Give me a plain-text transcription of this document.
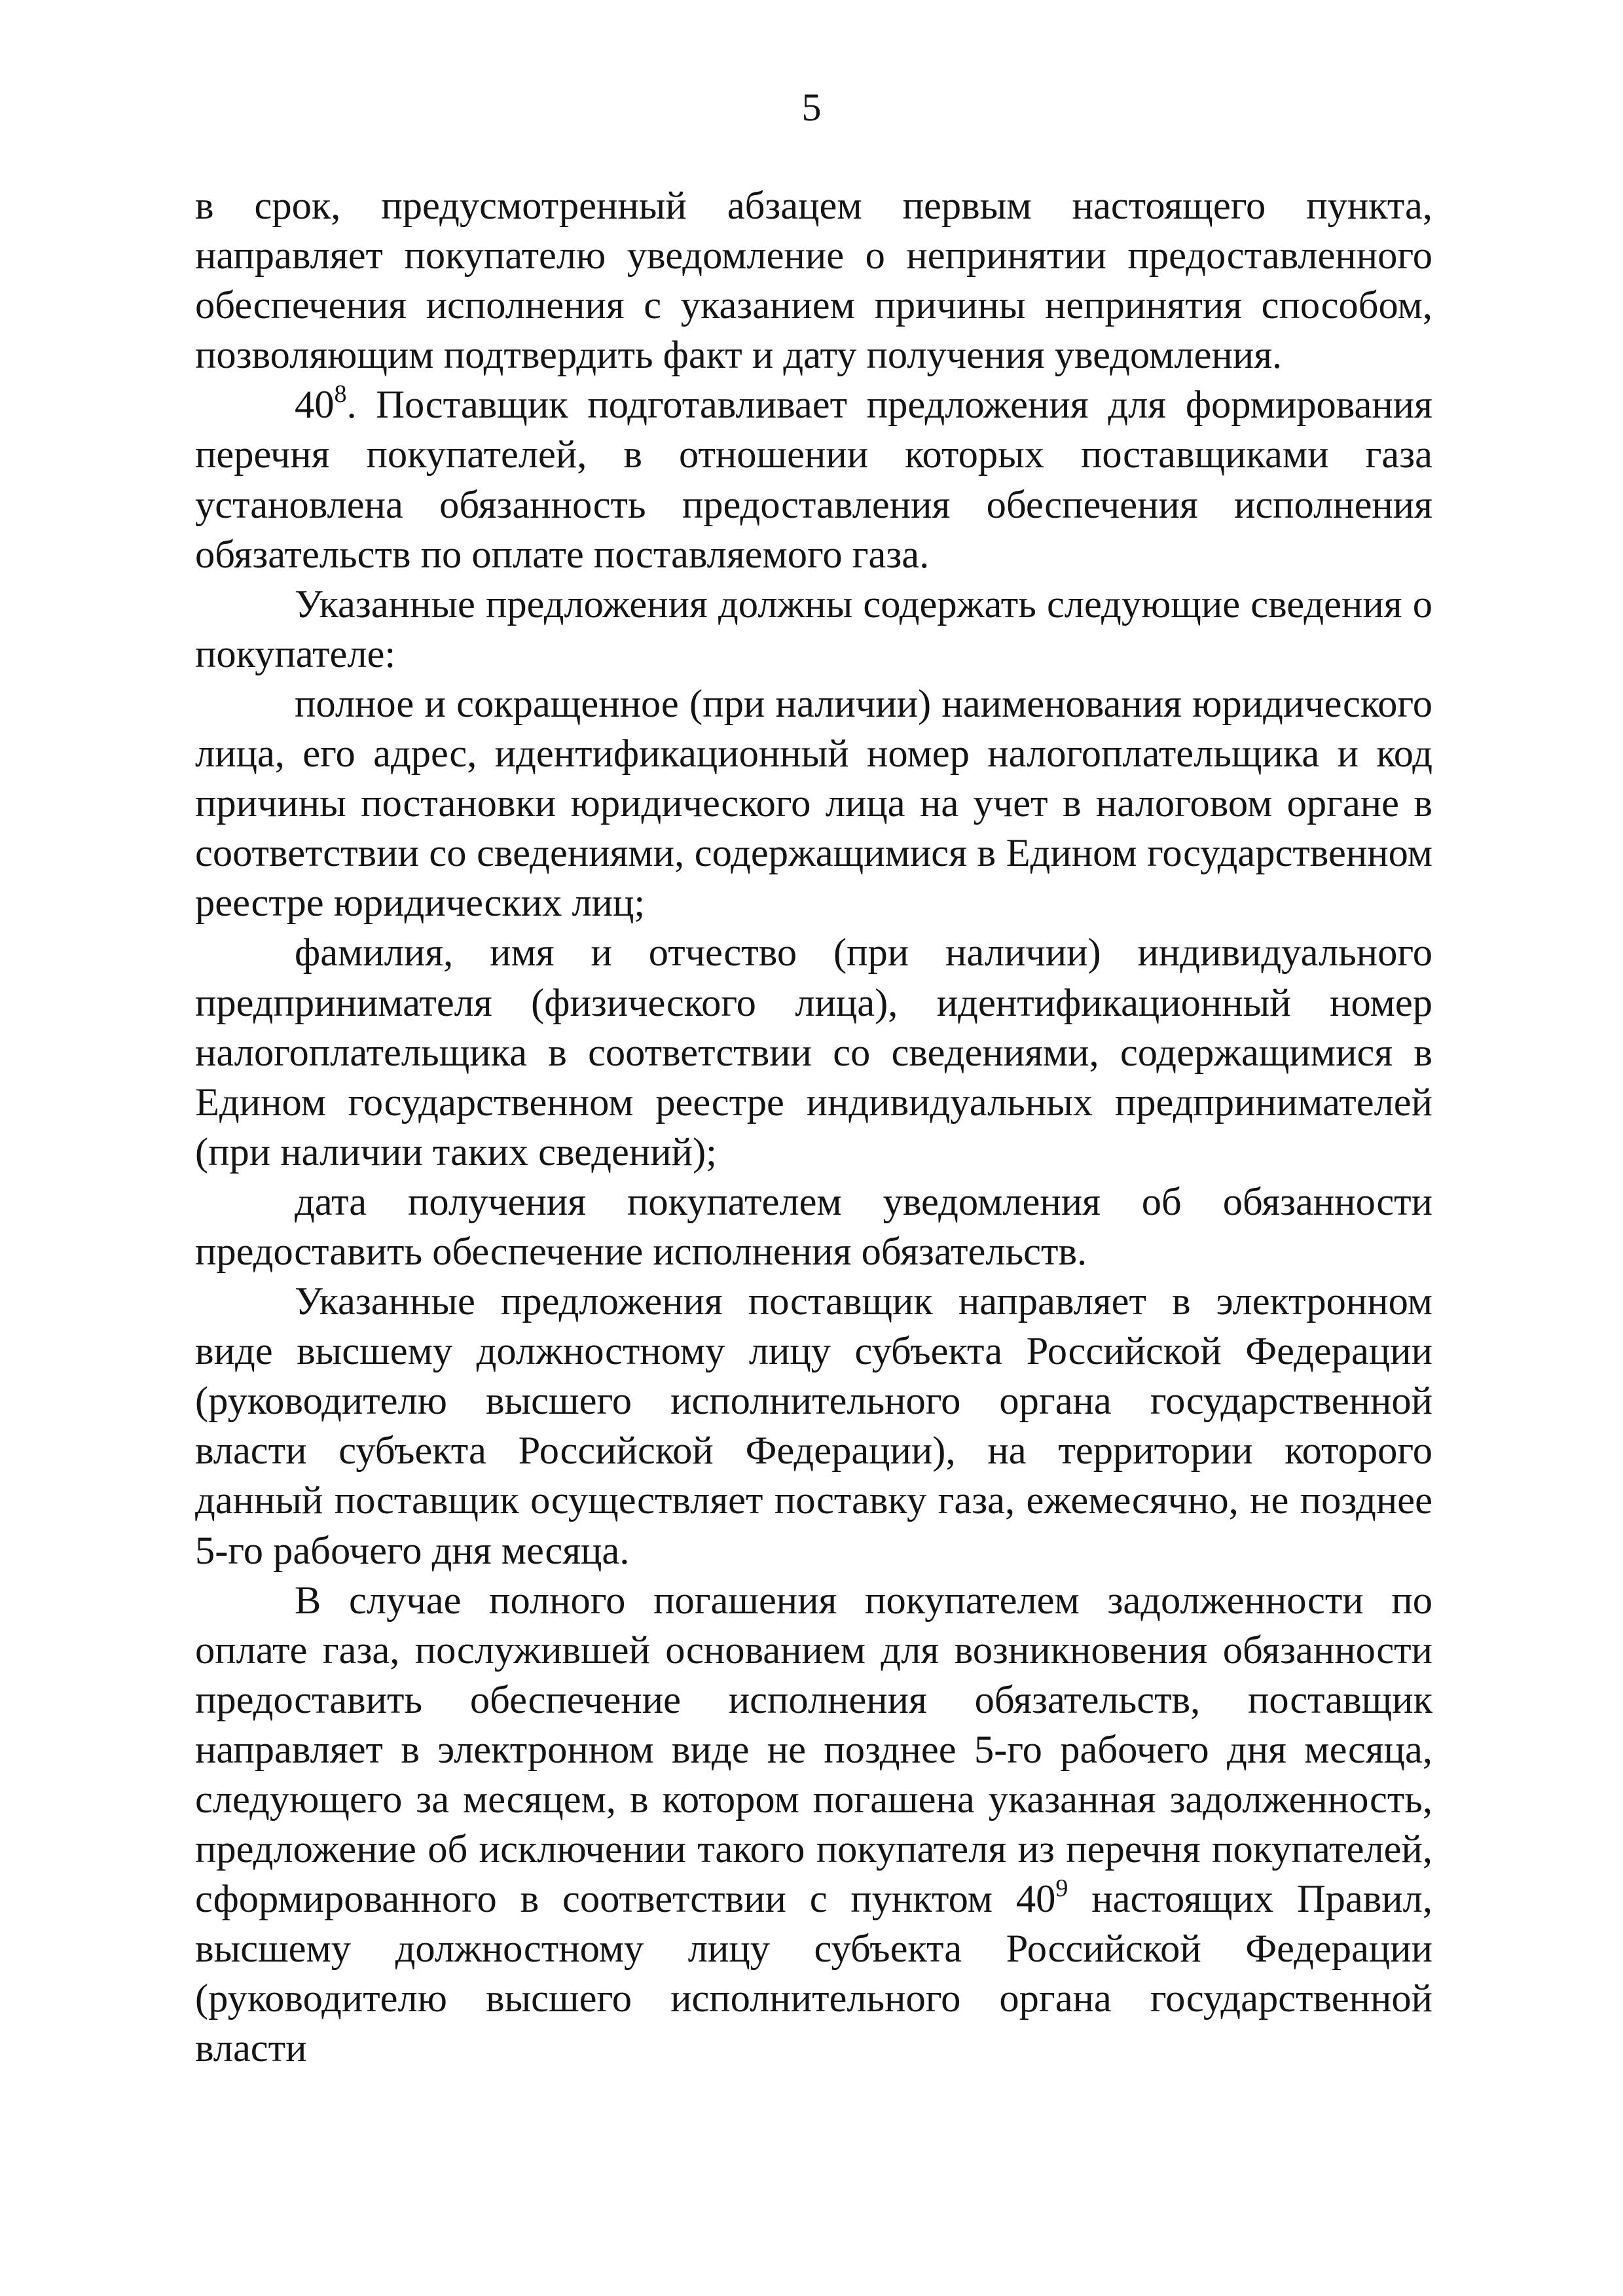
5

в срок, предусмотренный абзацем первым настоящего пункта, направляет покупателю уведомление о непринятии предоставленного обеспечения исполнения с указанием причины непринятия способом, позволяющим подтвердить факт и дату получения уведомления.

40$^8$. Поставщик подготавливает предложения для формирования перечня покупателей, в отношении которых поставщиками газа установлена обязанность предоставления обеспечения исполнения обязательств по оплате поставляемого газа.

Указанные предложения должны содержать следующие сведения о покупателе:

полное и сокращенное (при наличии) наименования юридического лица, его адрес, идентификационный номер налогоплательщика и код причины постановки юридического лица на учет в налоговом органе в соответствии со сведениями, содержащимися в Едином государственном реестре юридических лиц;

фамилия, имя и отчество (при наличии) индивидуального предпринимателя (физического лица), идентификационный номер налогоплательщика в соответствии со сведениями, содержащимися в Едином государственном реестре индивидуальных предпринимателей (при наличии таких сведений);

дата получения покупателем уведомления об обязанности предоставить обеспечение исполнения обязательств.

Указанные предложения поставщик направляет в электронном виде высшему должностному лицу субъекта Российской Федерации (руководителю высшего исполнительного органа государственной власти субъекта Российской Федерации), на территории которого данный поставщик осуществляет поставку газа, ежемесячно, не позднее 5-го рабочего дня месяца.

В случае полного погашения покупателем задолженности по оплате газа, послужившей основанием для возникновения обязанности предоставить обеспечение исполнения обязательств, поставщик направляет в электронном виде не позднее 5-го рабочего дня месяца, следующего за месяцем, в котором погашена указанная задолженность, предложение об исключении такого покупателя из перечня покупателей, сформированного в соответствии с пунктом 40$^9$ настоящих Правил, высшему должностному лицу субъекта Российской Федерации (руководителю высшего исполнительного органа государственной власти
